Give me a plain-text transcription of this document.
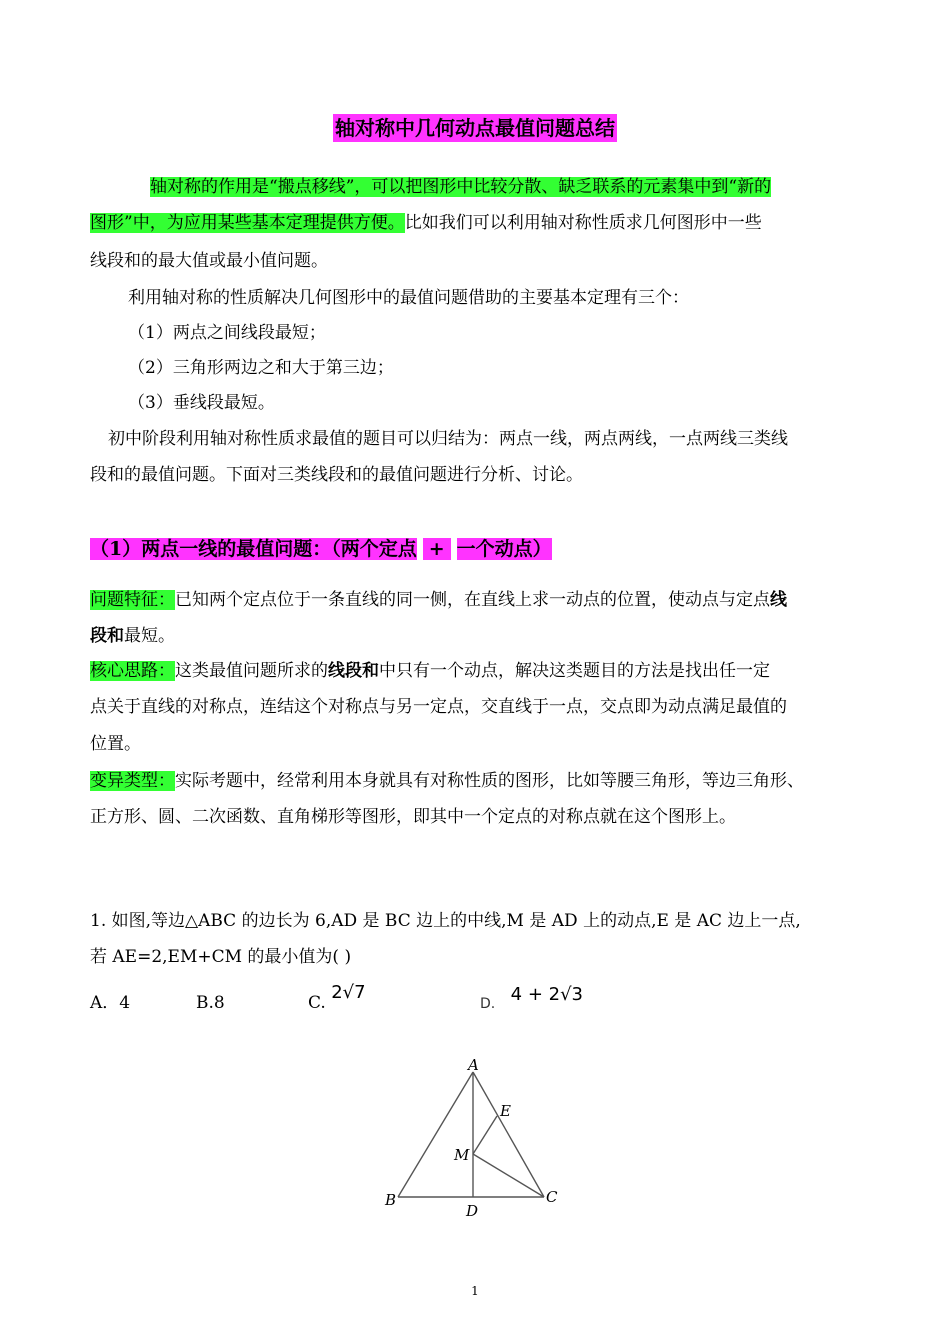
轴对称中几何动点最值问题总结
轴对称的作用是“搬点移线”，可以把图形中比较分散、缺乏联系的元素集中到“新的
图形”中，为应用某些基本定理提供方便。比如我们可以利用轴对称性质求几何图形中一些
线段和的最大值或最小值问题。
利用轴对称的性质解决几何图形中的最值问题借助的主要基本定理有三个：
（1）两点之间线段最短；
（2）三角形两边之和大于第三边；
（3）垂线段最短。
初中阶段利用轴对称性质求最值的题目可以归结为：两点一线，两点两线，一点两线三类线
段和的最值问题。下面对三类线段和的最值问题进行分析、讨论。
（1）两点一线的最值问题：（两个定点 + 一个动点）
问题特征：已知两个定点位于一条直线的同一侧，在直线上求一动点的位置，使动点与定点线
段和最短。
核心思路：这类最值问题所求的线段和中只有一个动点，解决这类题目的方法是找出任一定
点关于直线的对称点，连结这个对称点与另一定点，交直线于一点，交点即为动点满足最值的
位置。
变异类型：实际考题中，经常利用本身就具有对称性质的图形，比如等腰三角形，等边三角形、
正方形、圆、二次函数、直角梯形等图形，即其中一个定点的对称点就在这个图形上。
1. 如图,等边△ABC 的边长为 6,AD 是 BC 边上的中线,M 是 AD 上的动点,E 是 AC 边上一点,
若 AE=2,EM+CM 的最小值为( )
A．4	B.8	C. 2√7
D. 4 + 2√3
A
B	C
D
E
M
1
